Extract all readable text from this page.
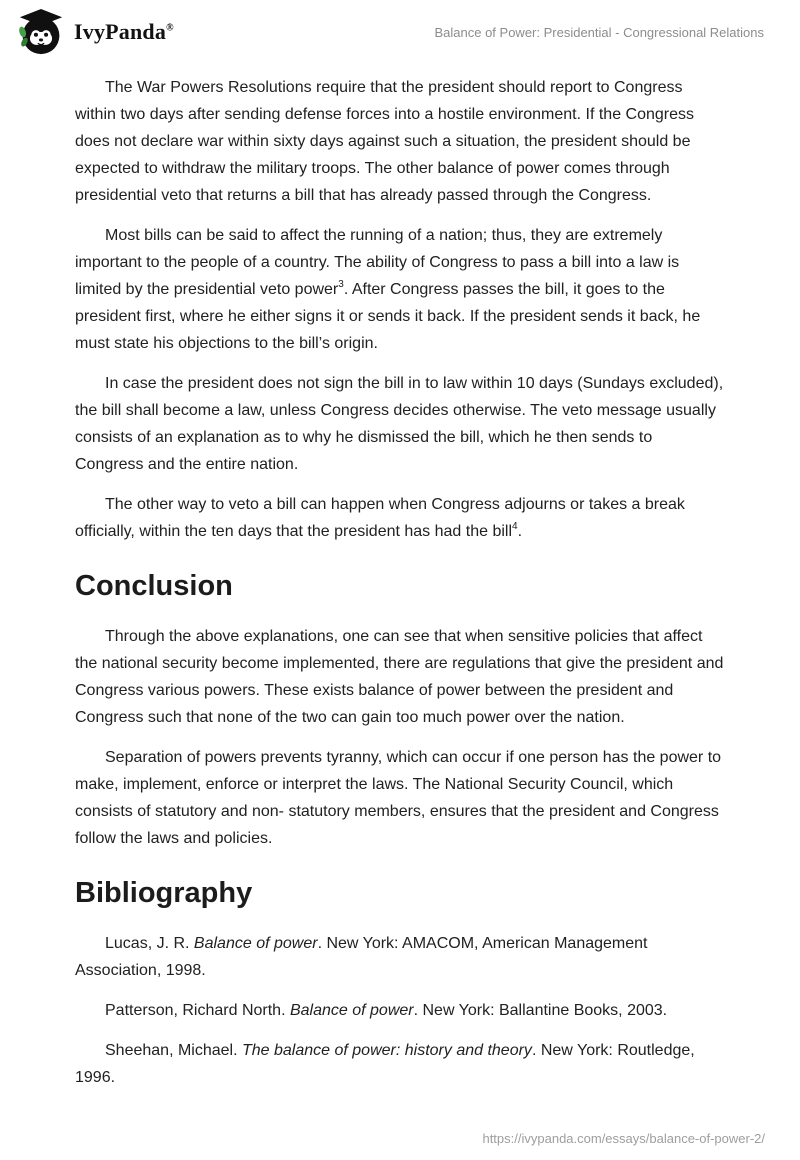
IvyPanda®	Balance of Power: Presidential - Congressional Relations

The War Powers Resolutions require that the president should report to Congress within two days after sending defense forces into a hostile environment. If the Congress does not declare war within sixty days against such a situation, the president should be expected to withdraw the military troops. The other balance of power comes through presidential veto that returns a bill that has already passed through the Congress.

Most bills can be said to affect the running of a nation; thus, they are extremely important to the people of a country. The ability of Congress to pass a bill into a law is limited by the presidential veto power$^3$. After Congress passes the bill, it goes to the president first, where he either signs it or sends it back. If the president sends it back, he must state his objections to the bill’s origin.

In case the president does not sign the bill in to law within 10 days (Sundays excluded), the bill shall become a law, unless Congress decides otherwise. The veto message usually consists of an explanation as to why he dismissed the bill, which he then sends to Congress and the entire nation.

The other way to veto a bill can happen when Congress adjourns or takes a break officially, within the ten days that the president has had the bill$^4$.

Conclusion

Through the above explanations, one can see that when sensitive policies that affect the national security become implemented, there are regulations that give the president and Congress various powers. These exists balance of power between the president and Congress such that none of the two can gain too much power over the nation.

Separation of powers prevents tyranny, which can occur if one person has the power to make, implement, enforce or interpret the laws. The National Security Council, which consists of statutory and non- statutory members, ensures that the president and Congress follow the laws and policies.

Bibliography

Lucas, J. R. Balance of power. New York: AMACOM, American Management Association, 1998.

Patterson, Richard North. Balance of power. New York: Ballantine Books, 2003.

Sheehan, Michael. The balance of power: history and theory. New York: Routledge, 1996.

https://ivypanda.com/essays/balance-of-power-2/
